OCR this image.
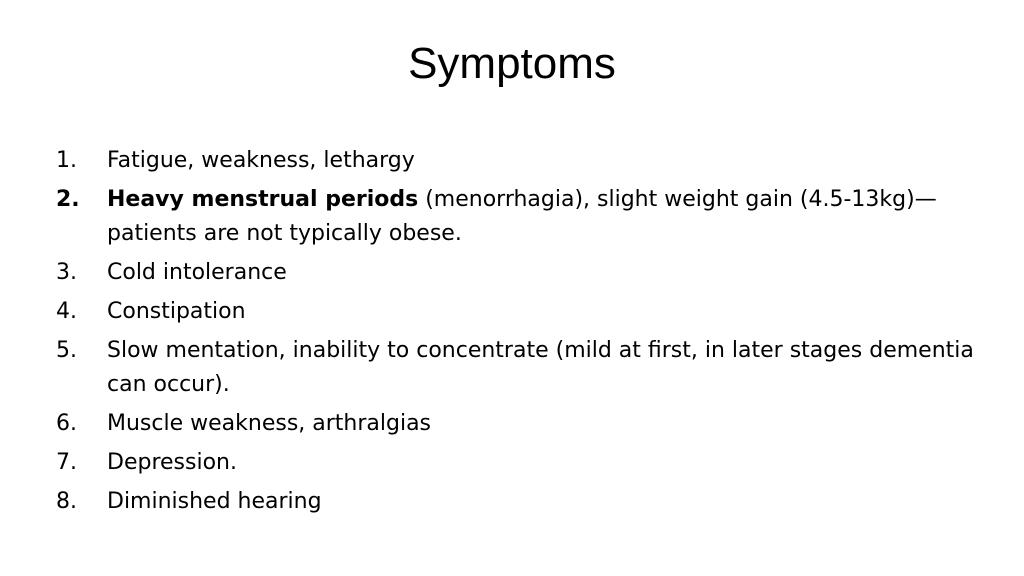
Symptoms
1.	Fatigue, weakness, lethargy
2.	Heavy menstrual periods (menorrhagia), slight weight gain (4.5-13kg)—patients are not typically obese.
3.	Cold intolerance
4.	Constipation
5.	Slow mentation, inability to concentrate (mild at first, in later stages dementia can occur).
6.	Muscle weakness, arthralgias
7.	Depression.
8.	Diminished hearing
